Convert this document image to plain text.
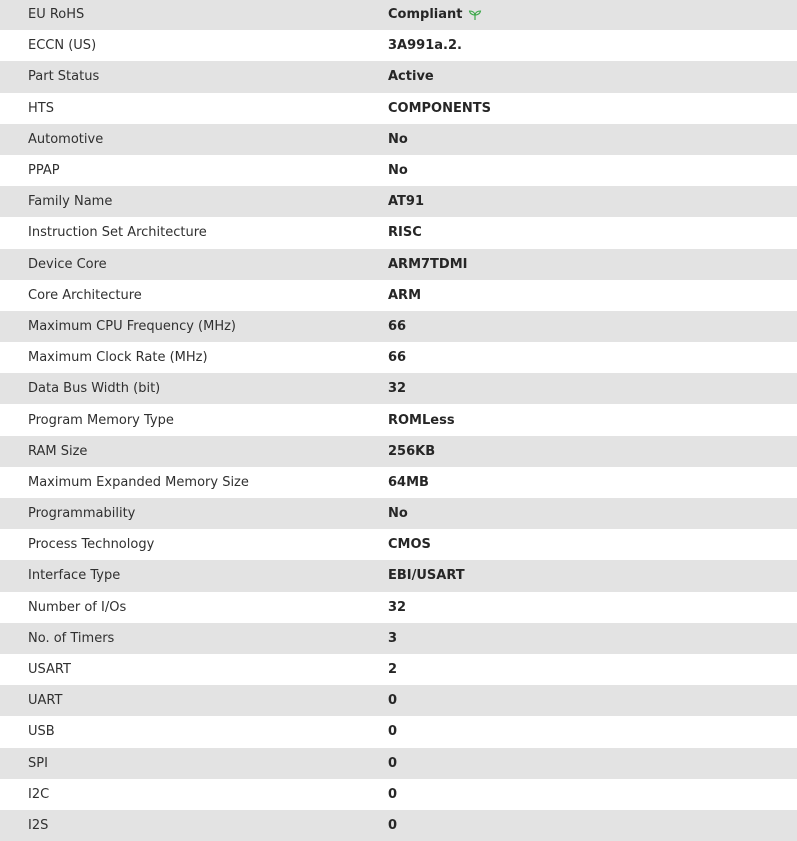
EU RoHS	Compliant
ECCN (US)	3A991a.2.
Part Status	Active
HTS	COMPONENTS
Automotive	No
PPAP	No
Family Name	AT91
Instruction Set Architecture	RISC
Device Core	ARM7TDMI
Core Architecture	ARM
Maximum CPU Frequency (MHz)	66
Maximum Clock Rate (MHz)	66
Data Bus Width (bit)	32
Program Memory Type	ROMLess
RAM Size	256KB
Maximum Expanded Memory Size	64MB
Programmability	No
Process Technology	CMOS
Interface Type	EBI/USART
Number of I/Os	32
No. of Timers	3
USART	2
UART	0
USB	0
SPI	0
I2C	0
I2S	0
